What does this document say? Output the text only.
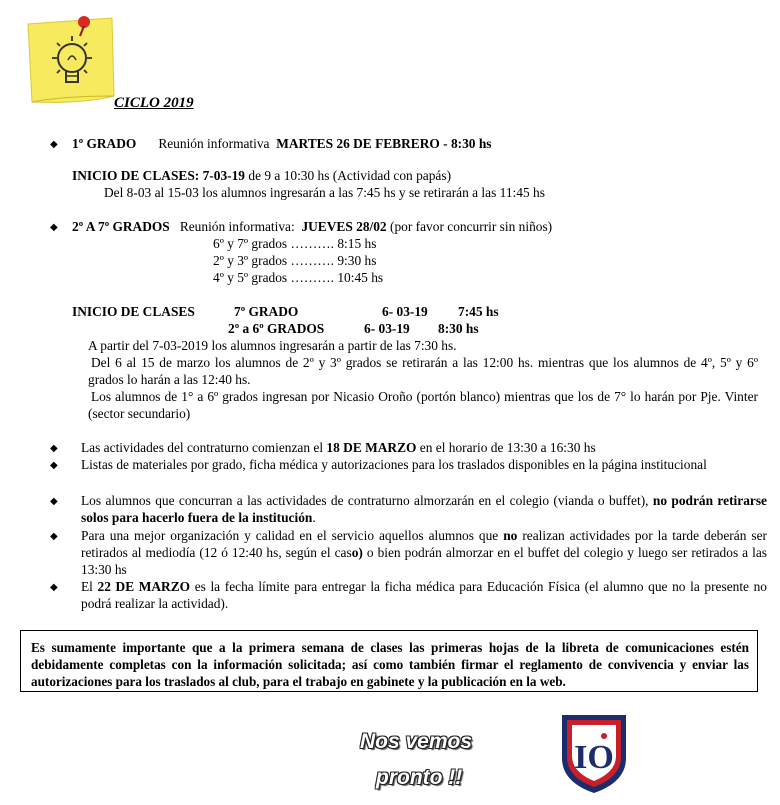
CICLO 2019
◆ 1º GRADO Reunión informativa MARTES 26 DE FEBRERO - 8:30 hs
INICIO DE CLASES: 7-03-19 de 9 a 10:30 hs (Actividad con papás)
Del 8-03 al 15-03 los alumnos ingresarán a las 7:45 hs y se retirarán a las 11:45 hs
◆ 2º A 7º GRADOS Reunión informativa: JUEVES 28/02 (por favor concurrir sin niños)
6º y 7º grados ………. 8:15 hs
2º y 3º grados ………. 9:30 hs
4º y 5º grados ………. 10:45 hs
INICIO DE CLASES	7º GRADO	6- 03-19 7:45 hs
2º a 6º GRADOS	6- 03-19 8:30 hs
A partir del 7-03-2019 los alumnos ingresarán a partir de las 7:30 hs.
Del 6 al 15 de marzo los alumnos de 2º y 3º grados se retirarán a las 12:00 hs. mientras que los alumnos de 4º, 5º y 6º grados lo harán a las 12:40 hs.
Los alumnos de 1° a 6º grados ingresan por Nicasio Oroño (portón blanco) mientras que los de 7° lo harán por Pje. Vinter (sector secundario)
◆ Las actividades del contraturno comienzan el 18 DE MARZO en el horario de 13:30 a 16:30 hs
◆ Listas de materiales por grado, ficha médica y autorizaciones para los traslados disponibles en la página institucional
◆ Los alumnos que concurran a las actividades de contraturno almorzarán en el colegio (vianda o buffet), no podrán retirarse solos para hacerlo fuera de la institución.
◆ Para una mejor organización y calidad en el servicio aquellos alumnos que no realizan actividades por la tarde deberán ser retirados al mediodía (12 ó 12:40 hs, según el caso) o bien podrán almorzar en el buffet del colegio y luego ser retirados a las 13:30 hs
◆ El 22 DE MARZO es la fecha límite para entregar la ficha médica para Educación Física (el alumno que no la presente no podrá realizar la actividad).
Es sumamente importante que a la primera semana de clases las primeras hojas de la libreta de comunicaciones estén debidamente completas con la información solicitada; así como también firmar el reglamento de convivencia y enviar las autorizaciones para los traslados al club, para el trabajo en gabinete y la publicación en la web.
Nos vemos
pronto !!
IO
